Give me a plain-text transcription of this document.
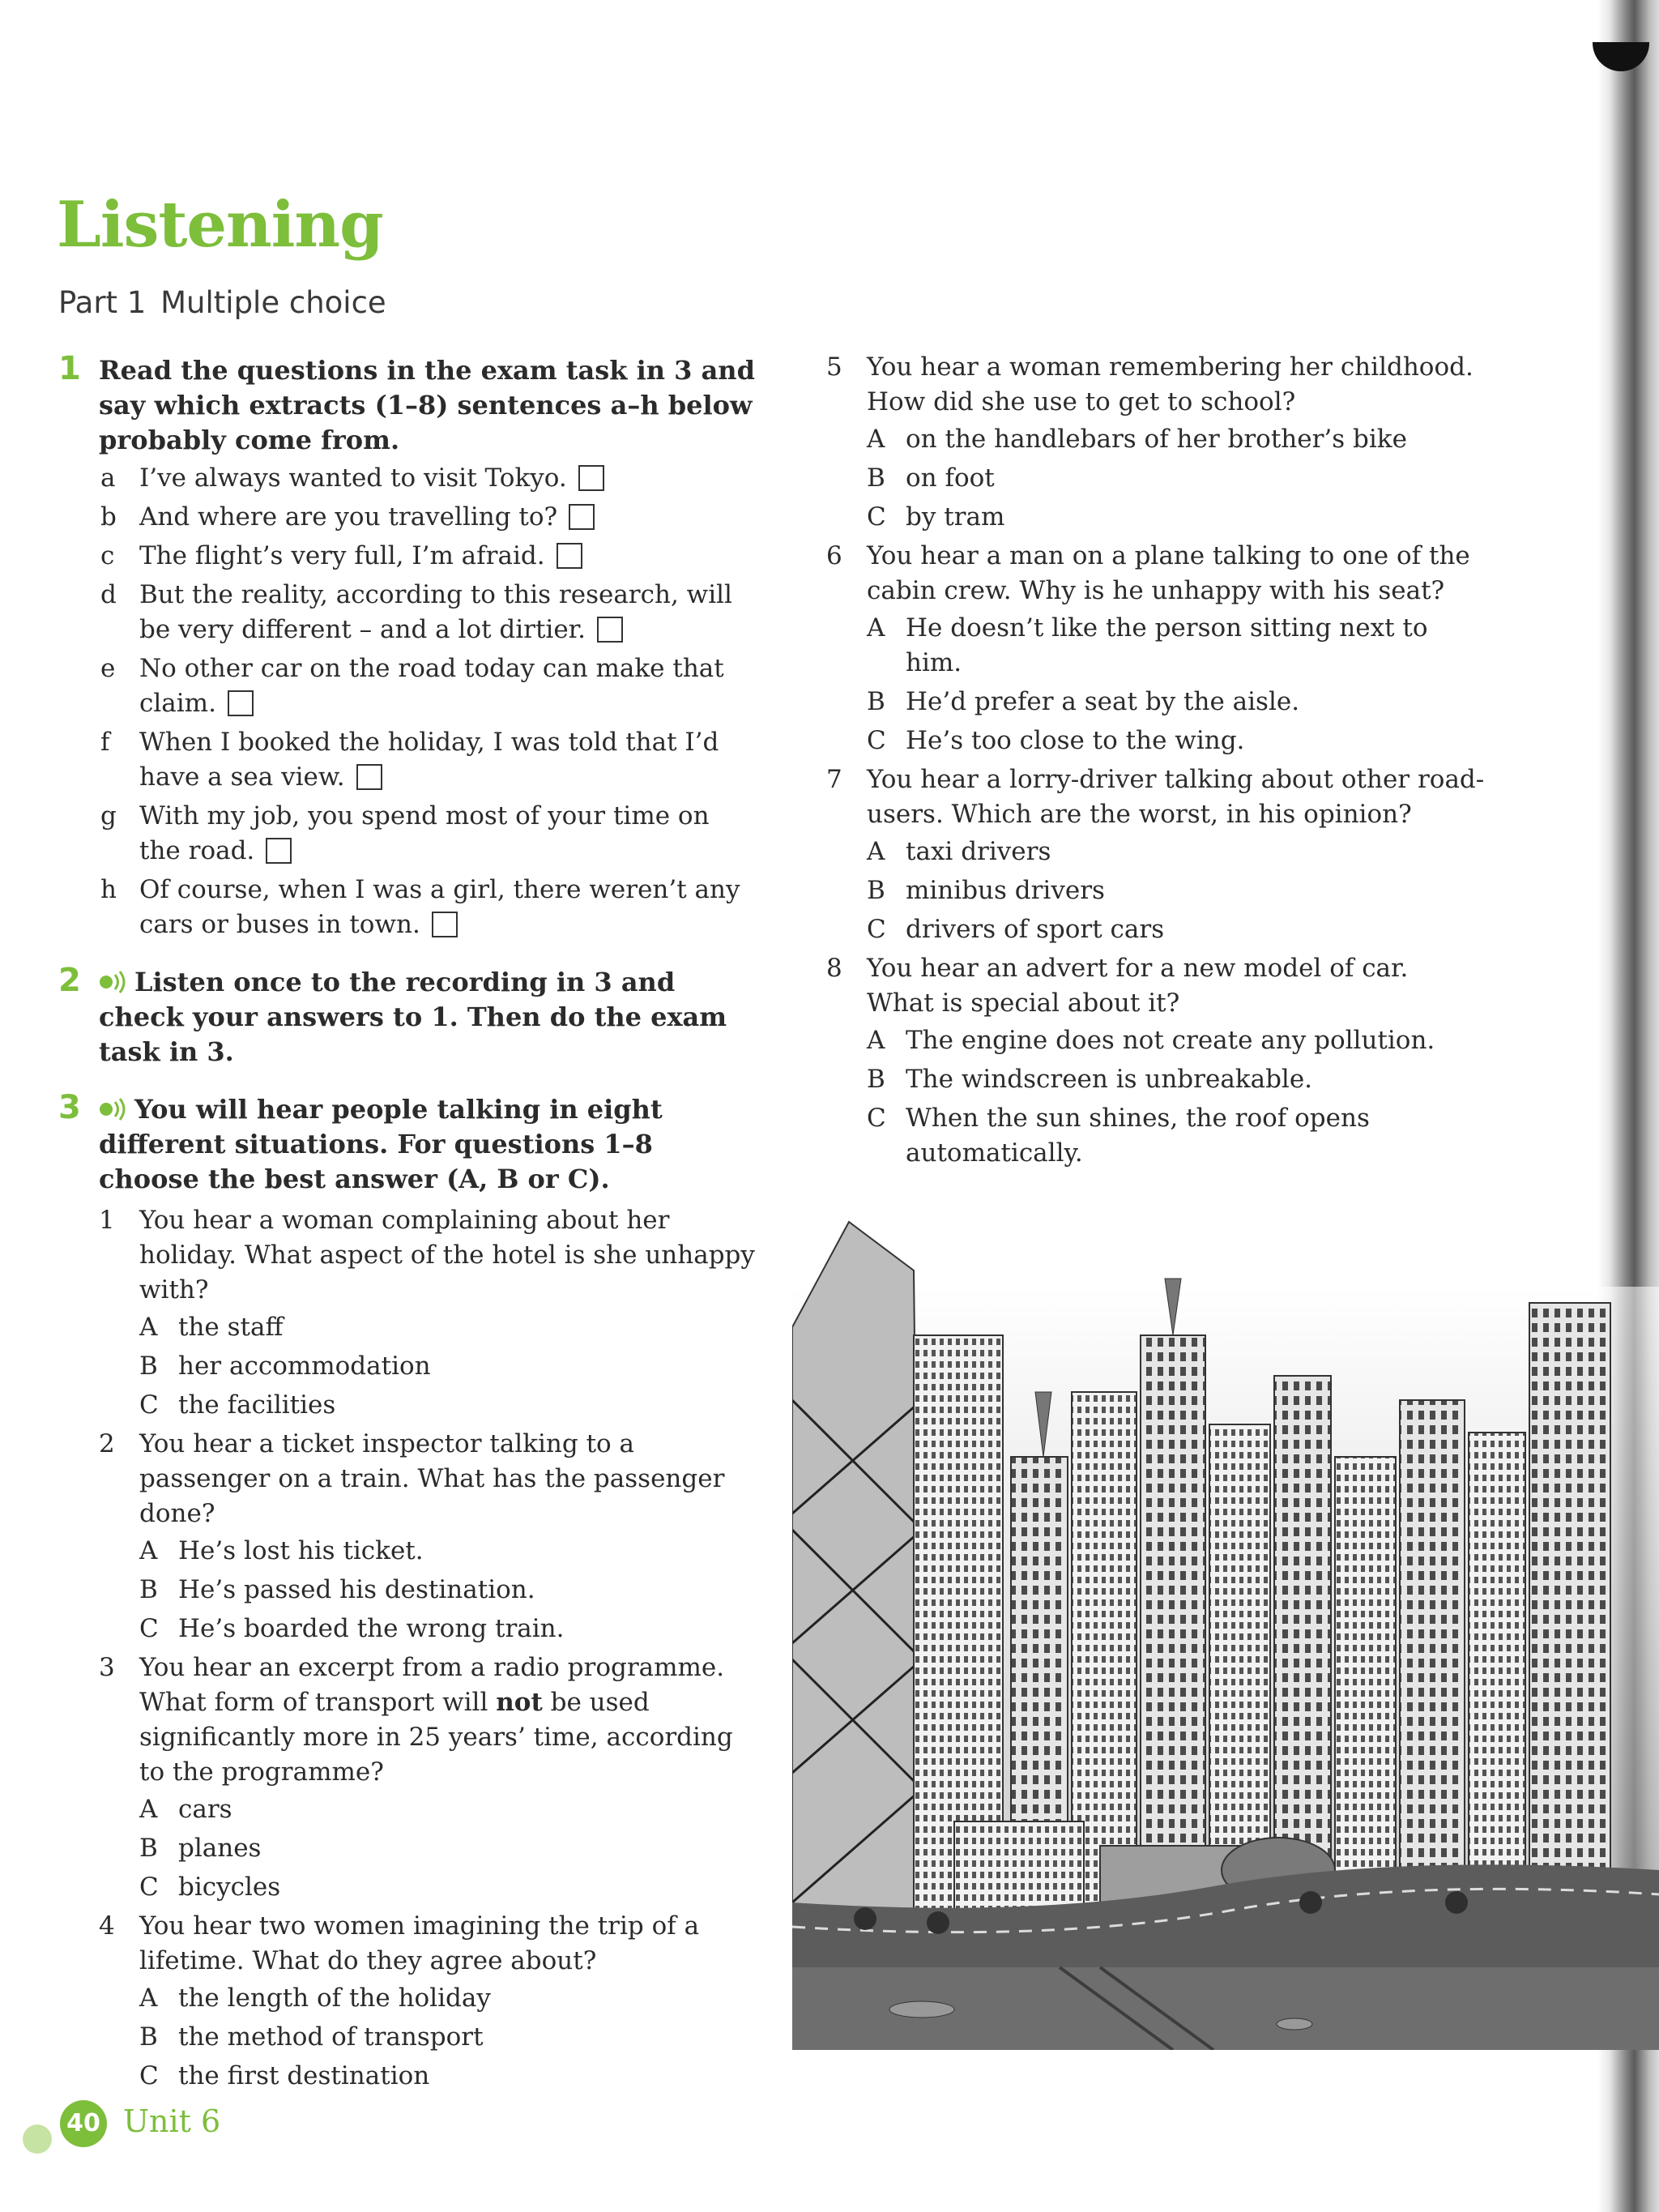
Listening
Part 1 Multiple choice
1 Read the questions in the exam task in 3 and say which extracts (1–8) sentences a–h below probably come from.
a I’ve always wanted to visit Tokyo.
b And where are you travelling to?
c The flight’s very full, I’m afraid.
d But the reality, according to this research, will be very different – and a lot dirtier.
e No other car on the road today can make that claim.
f When I booked the holiday, I was told that I’d have a sea view.
g With my job, you spend most of your time on the road.
h Of course, when I was a girl, there weren’t any cars or buses in town.
2 Listen once to the recording in 3 and check your answers to 1. Then do the exam task in 3.
3 You will hear people talking in eight different situations. For questions 1–8 choose the best answer (A, B or C).
1 You hear a woman complaining about her holiday. What aspect of the hotel is she unhappy with?
A the staff
B her accommodation
C the facilities
2 You hear a ticket inspector talking to a passenger on a train. What has the passenger done?
A He’s lost his ticket.
B He’s passed his destination.
C He’s boarded the wrong train.
3 You hear an excerpt from a radio programme. What form of transport will not be used significantly more in 25 years’ time, according to the programme?
A cars
B planes
C bicycles
4 You hear two women imagining the trip of a lifetime. What do they agree about?
A the length of the holiday
B the method of transport
C the first destination
5 You hear a woman remembering her childhood.
How did she use to get to school?
A on the handlebars of her brother’s bike
B on foot
C by tram
6 You hear a man on a plane talking to one of the cabin crew. Why is he unhappy with his seat?
A He doesn’t like the person sitting next to him.
B He’d prefer a seat by the aisle.
C He’s too close to the wing.
7 You hear a lorry-driver talking about other road-users. Which are the worst, in his opinion?
A taxi drivers
B minibus drivers
C drivers of sport cars
8 You hear an advert for a new model of car.
What is special about it?
A The engine does not create any pollution.
B The windscreen is unbreakable.
C When the sun shines, the roof opens automatically.
40 Unit 6
